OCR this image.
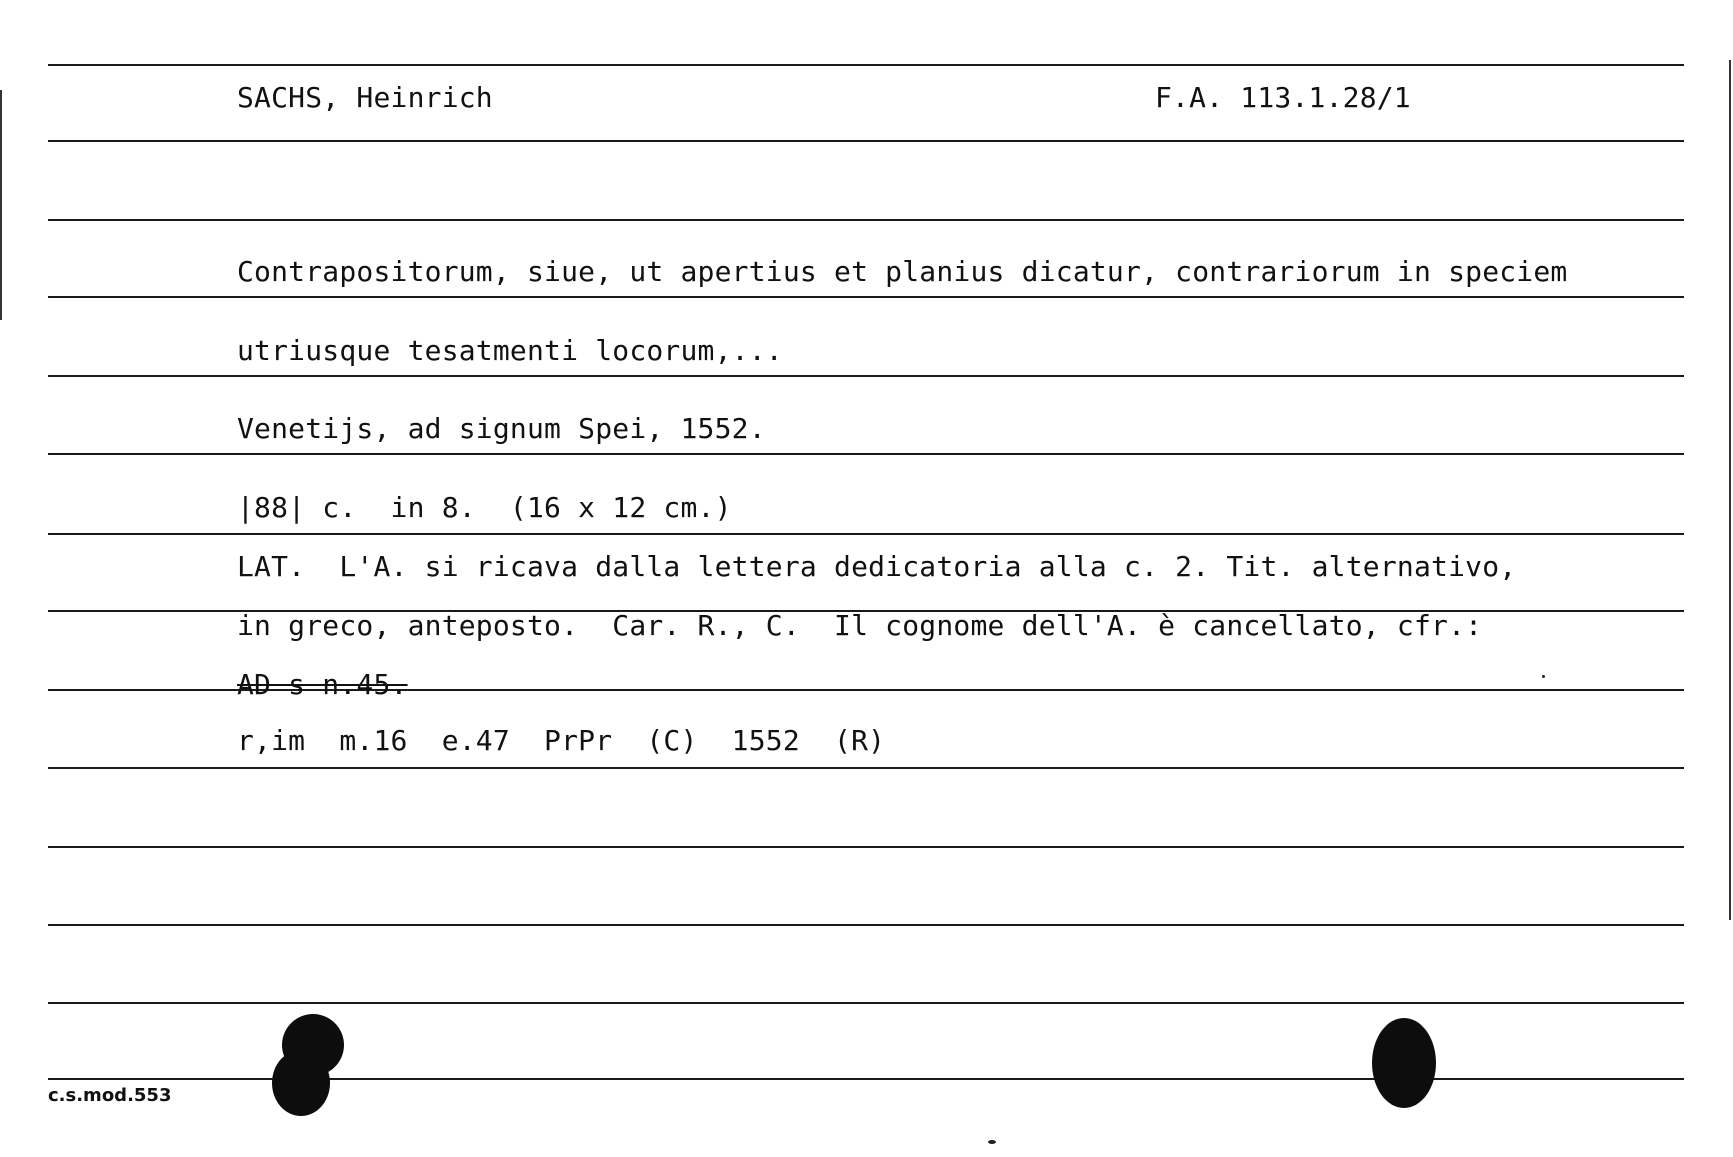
SACHS, Heinrich	F.A. 113.1.28/1
Contrapositorum, siue, ut apertius et planius dicatur, contrariorum in speciem
utriusque tesatmenti locorum,...
Venetijs, ad signum Spei, 1552.
|88| c.  in 8.  (16 x 12 cm.)
LAT.  L'A. si ricava dalla lettera dedicatoria alla c. 2. Tit. alternativo,
in greco, anteposto.  Car. R., C.  Il cognome dell'A. è cancellato, cfr.:
AD s n.45.
r,im  m.16  e.47  PrPr  (C)  1552  (R)
c.s.mod.553
